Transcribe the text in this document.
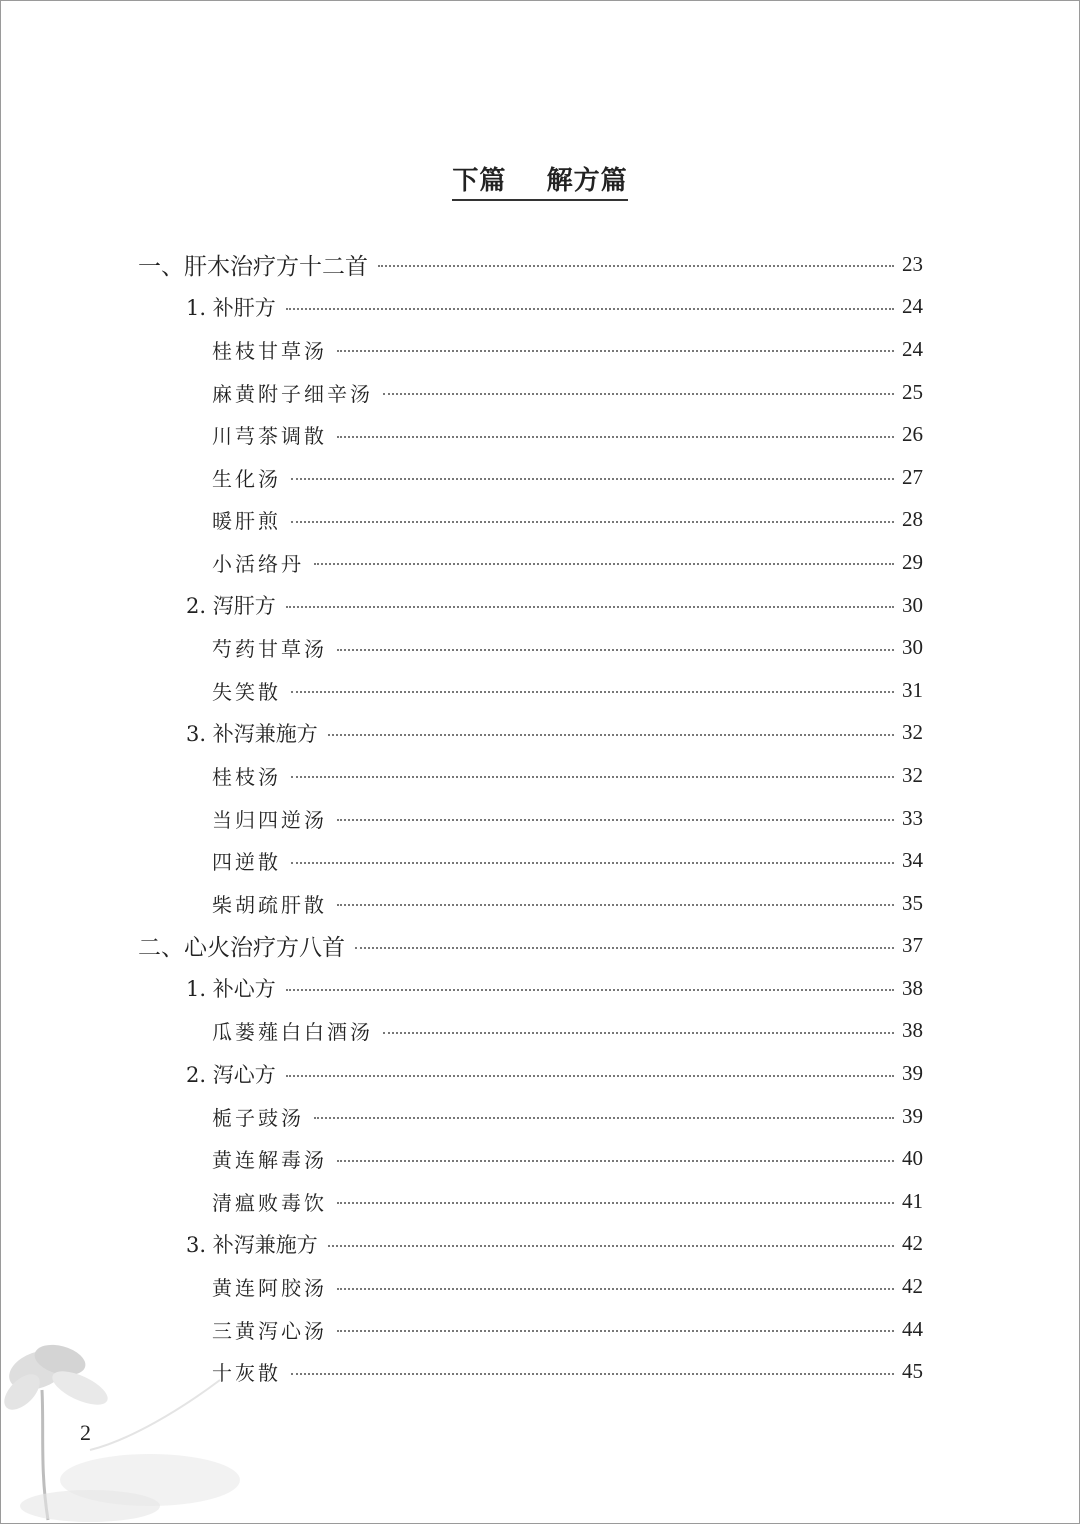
下篇    解方篇
一、肝木治疗方十二首	23
1. 补肝方	24
桂枝甘草汤	24
麻黄附子细辛汤	25
川芎茶调散	26
生化汤	27
暖肝煎	28
小活络丹	29
2. 泻肝方	30
芍药甘草汤	30
失笑散	31
3. 补泻兼施方	32
桂枝汤	32
当归四逆汤	33
四逆散	34
柴胡疏肝散	35
二、心火治疗方八首	37
1. 补心方	38
瓜蒌薤白白酒汤	38
2. 泻心方	39
栀子豉汤	39
黄连解毒汤	40
清瘟败毒饮	41
3. 补泻兼施方	42
黄连阿胶汤	42
三黄泻心汤	44
十灰散	45
2
